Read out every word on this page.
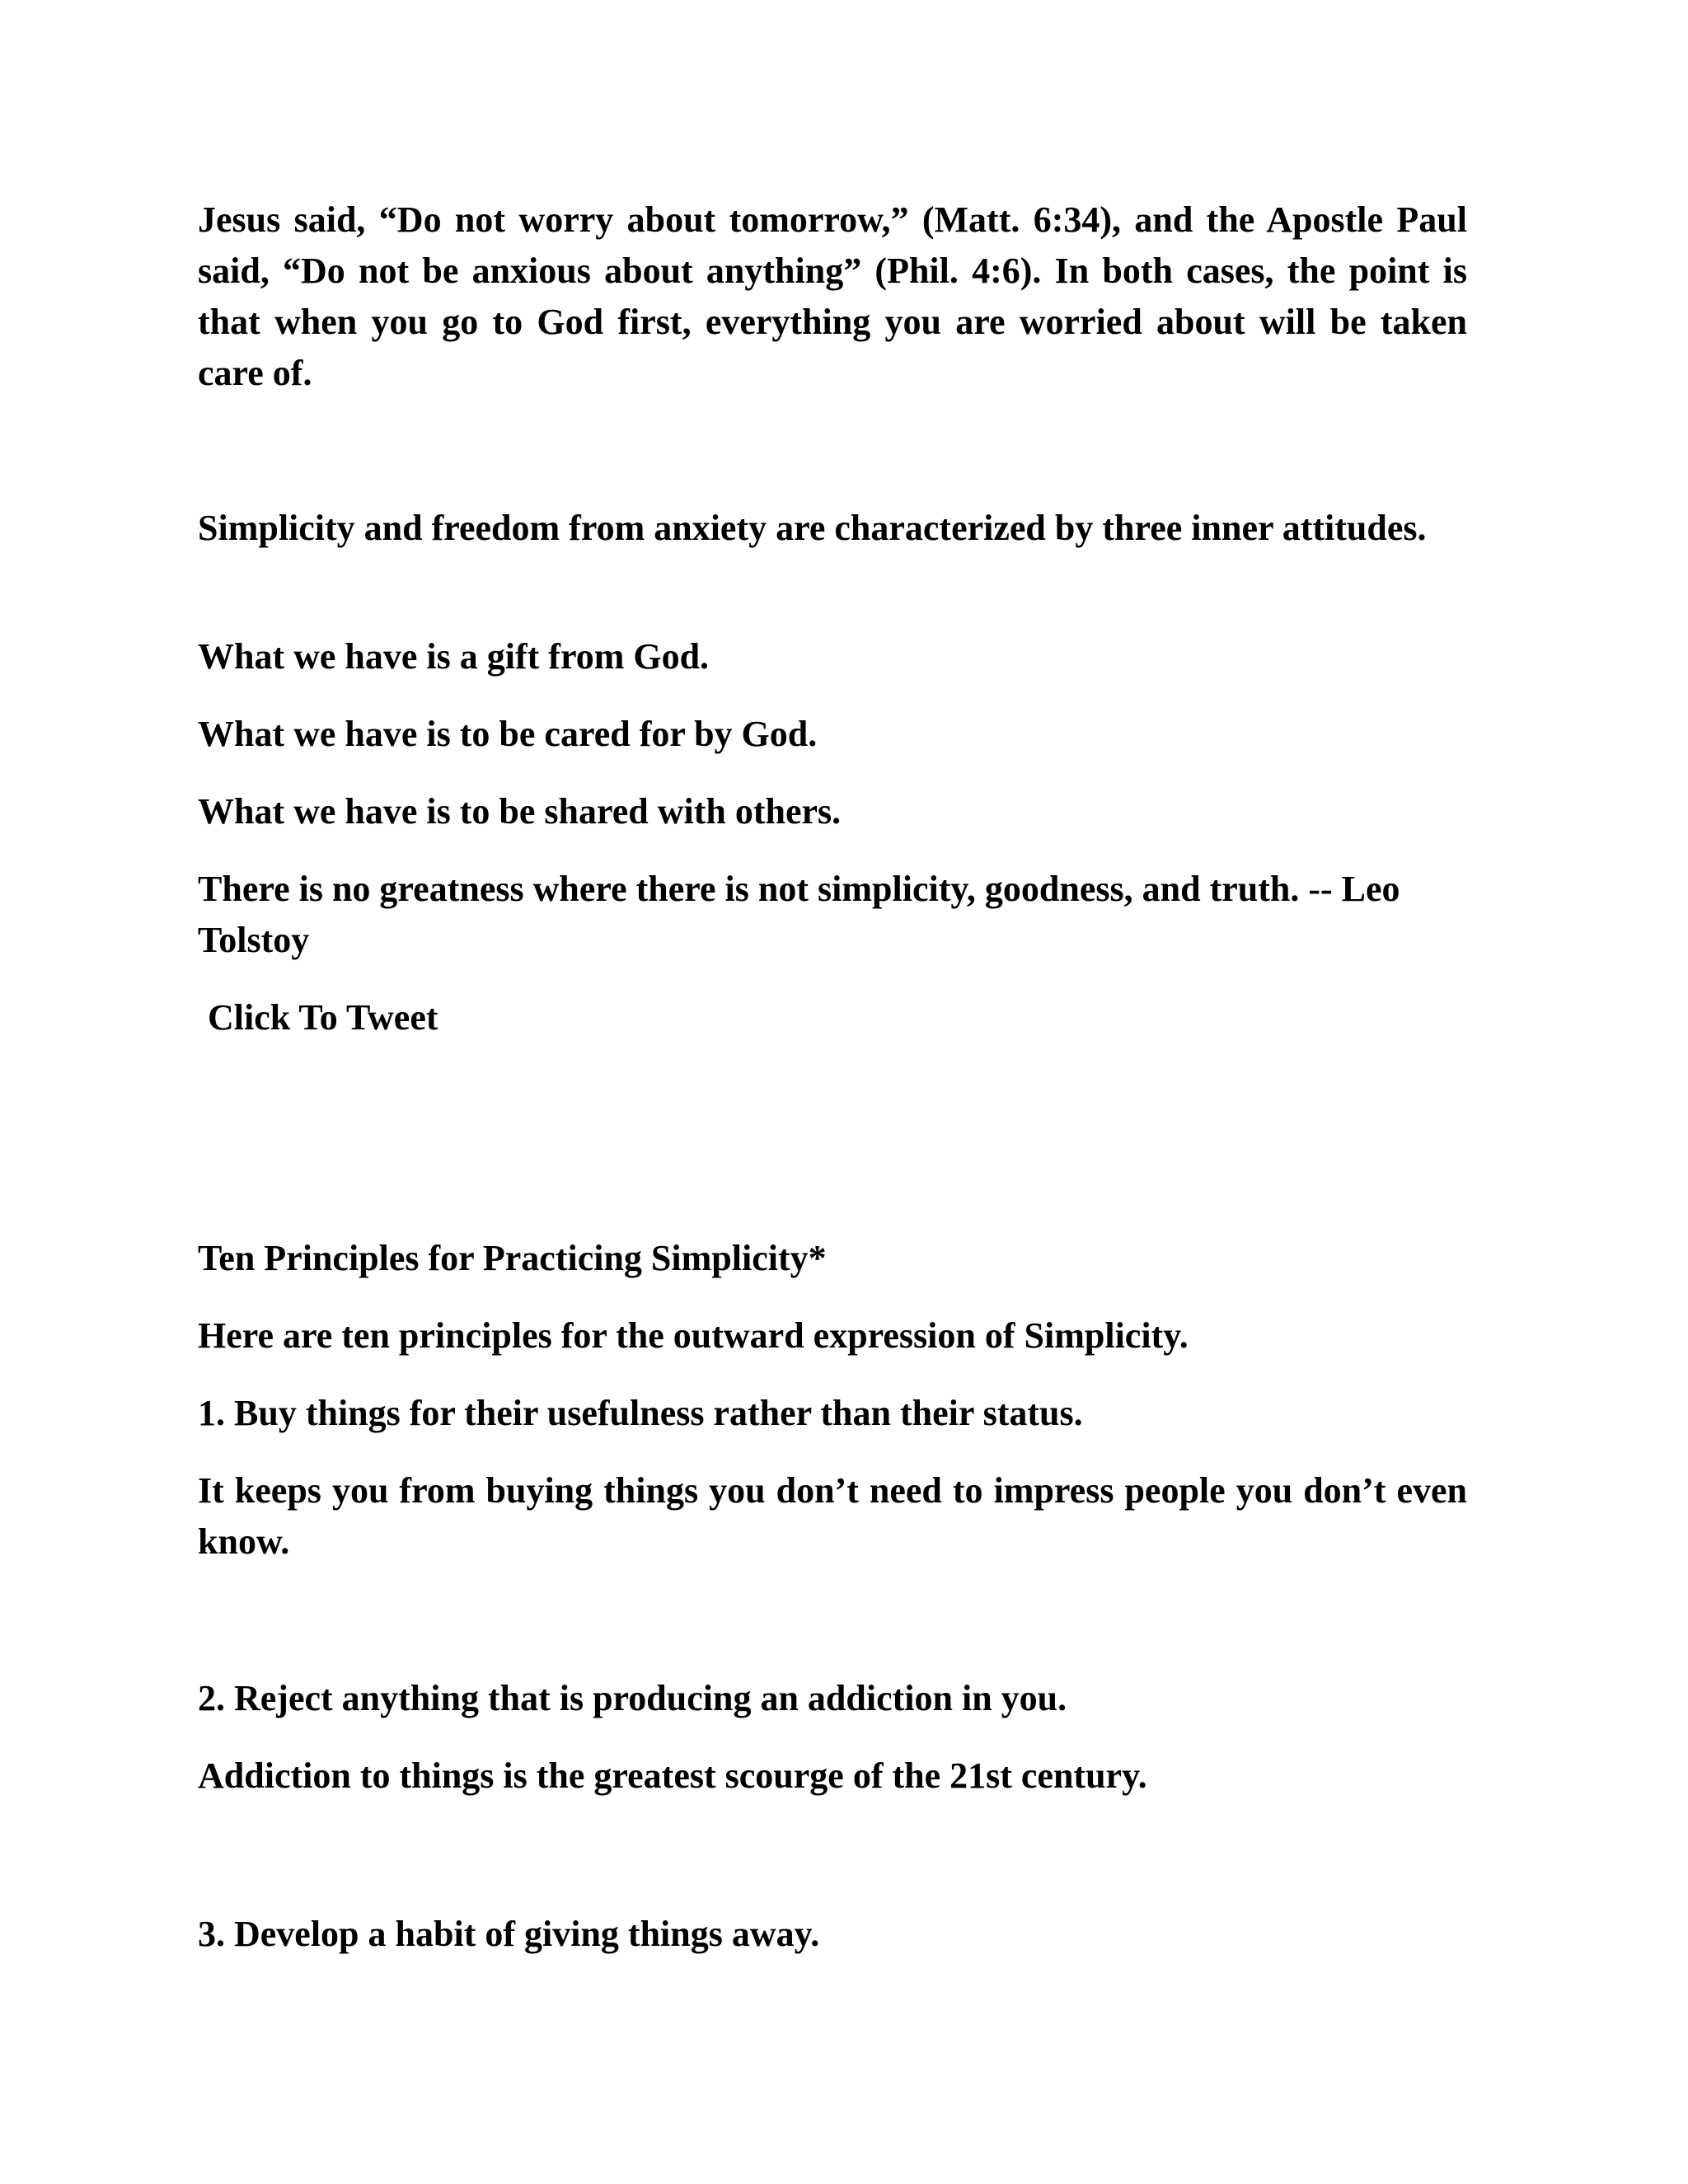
Jesus said, “Do not worry about tomorrow,” (Matt. 6:34), and the Apostle Paul said, “Do not be anxious about anything” (Phil. 4:6). In both cases, the point is that when you go to God first, everything you are worried about will be taken care of.

Simplicity and freedom from anxiety are characterized by three inner attitudes.

What we have is a gift from God.

What we have is to be cared for by God.

What we have is to be shared with others.

There is no greatness where there is not simplicity, goodness, and truth. -- Leo Tolstoy

Click To Tweet

Ten Principles for Practicing Simplicity*

Here are ten principles for the outward expression of Simplicity.

1. Buy things for their usefulness rather than their status.

It keeps you from buying things you don’t need to impress people you don’t even know.

2. Reject anything that is producing an addiction in you.

Addiction to things is the greatest scourge of the 21st century.

3. Develop a habit of giving things away.
